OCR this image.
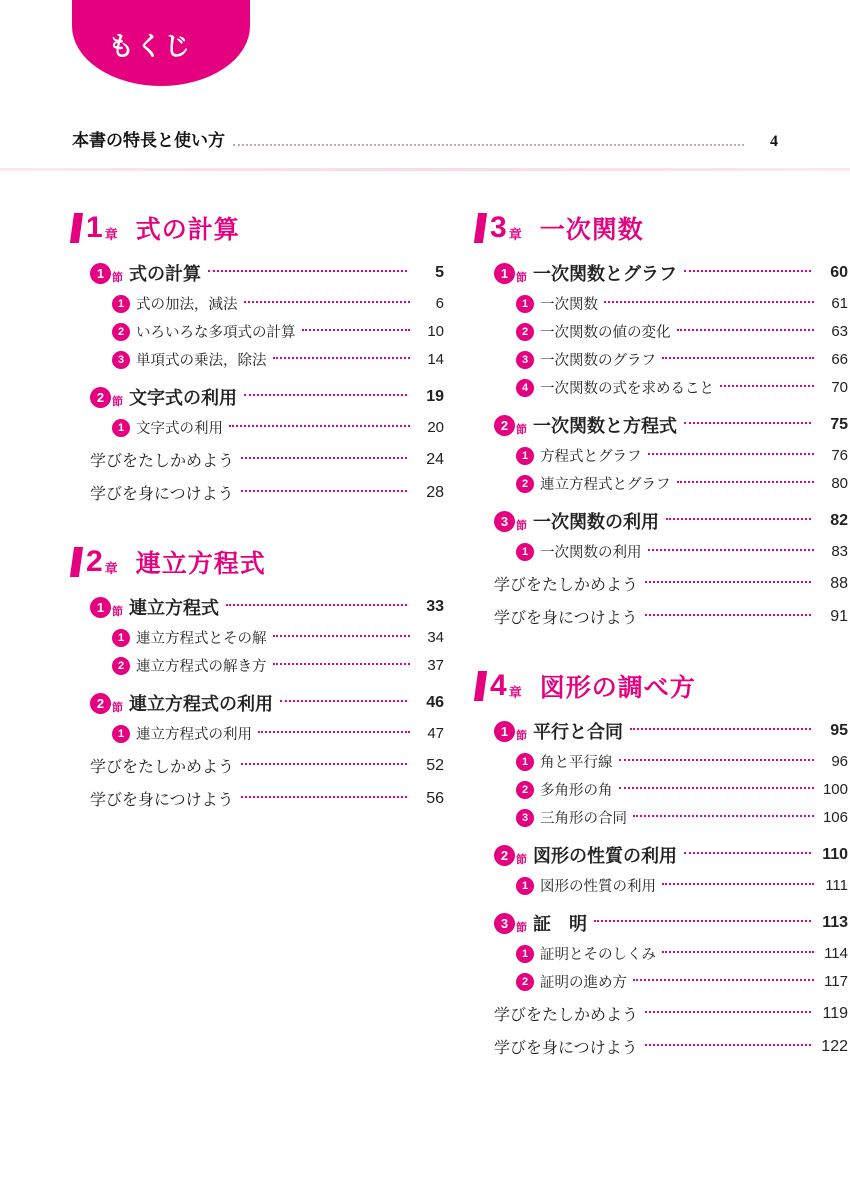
もくじ
本書の特長と使い方	4
1 章 式の計算
1 節 式の計算	5
1 式の加法，減法	6
2 いろいろな多項式の計算	10
3 単項式の乗法，除法	14
2 節 文字式の利用	19
1 文字式の利用	20
学びをたしかめよう	24
学びを身につけよう	28
2 章 連立方程式
1 節 連立方程式	33
1 連立方程式とその解	34
2 連立方程式の解き方	37
2 節 連立方程式の利用	46
1 連立方程式の利用	47
学びをたしかめよう	52
学びを身につけよう	56
3 章 一次関数
1 節 一次関数とグラフ	60
1 一次関数	61
2 一次関数の値の変化	63
3 一次関数のグラフ	66
4 一次関数の式を求めること	70
2 節 一次関数と方程式	75
1 方程式とグラフ	76
2 連立方程式とグラフ	80
3 節 一次関数の利用	82
1 一次関数の利用	83
学びをたしかめよう	88
学びを身につけよう	91
4 章 図形の調べ方
1 節 平行と合同	95
1 角と平行線	96
2 多角形の角	100
3 三角形の合同	106
2 節 図形の性質の利用	110
1 図形の性質の利用	111
3 節 証　明	113
1 証明とそのしくみ	114
2 証明の進め方	117
学びをたしかめよう	119
学びを身につけよう	122
